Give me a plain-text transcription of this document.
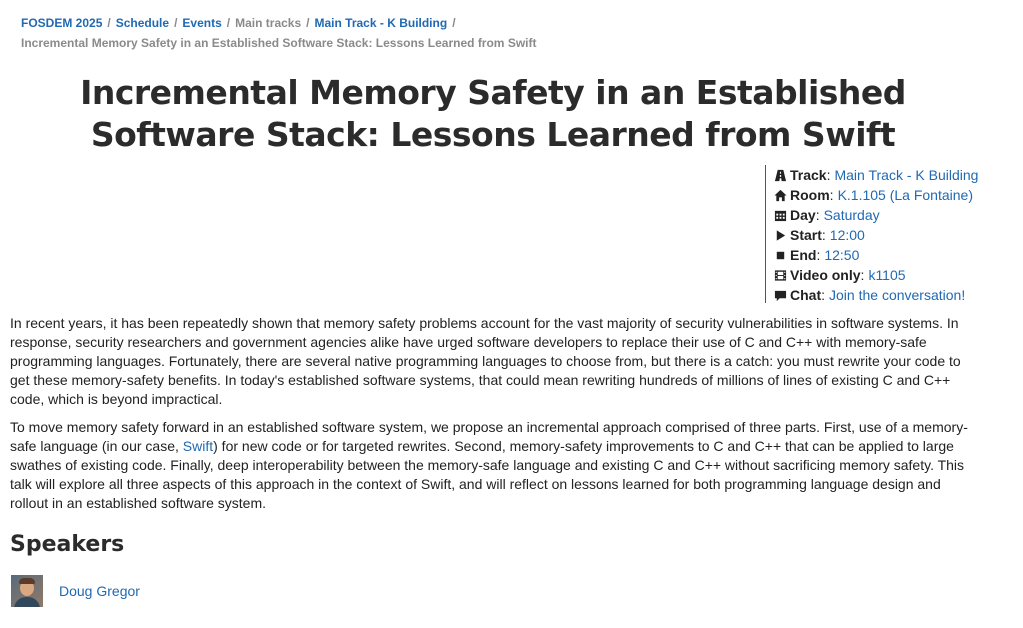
FOSDEM 2025 / Schedule / Events / Main tracks / Main Track - K Building /
Incremental Memory Safety in an Established Software Stack: Lessons Learned from Swift
Incremental Memory Safety in an Established Software Stack: Lessons Learned from Swift
Track : Main Track - K Building
Room : K.1.105 (La Fontaine)
Day : Saturday
Start : 12:00
End : 12:50
Video only : k1105
Chat : Join the conversation!

In recent years, it has been repeatedly shown that memory safety problems account for the vast majority of security vulnerabilities in software systems. In response, security researchers and government agencies alike have urged software developers to replace their use of C and C++ with memory-safe programming languages. Fortunately, there are several native programming languages to choose from, but there is a catch: you must rewrite your code to get these memory-safety benefits. In today's established software systems, that could mean rewriting hundreds of millions of lines of existing C and C++ code, which is beyond impractical.

To move memory safety forward in an established software system, we propose an incremental approach comprised of three parts. First, use of a memory-safe language (in our case, Swift) for new code or for targeted rewrites. Second, memory-safety improvements to C and C++ that can be applied to large swathes of existing code. Finally, deep interoperability between the memory-safe language and existing C and C++ without sacrificing memory safety. This talk will explore all three aspects of this approach in the context of Swift, and will reflect on lessons learned for both programming language design and rollout in an established software system.

Speakers
Doug Gregor
